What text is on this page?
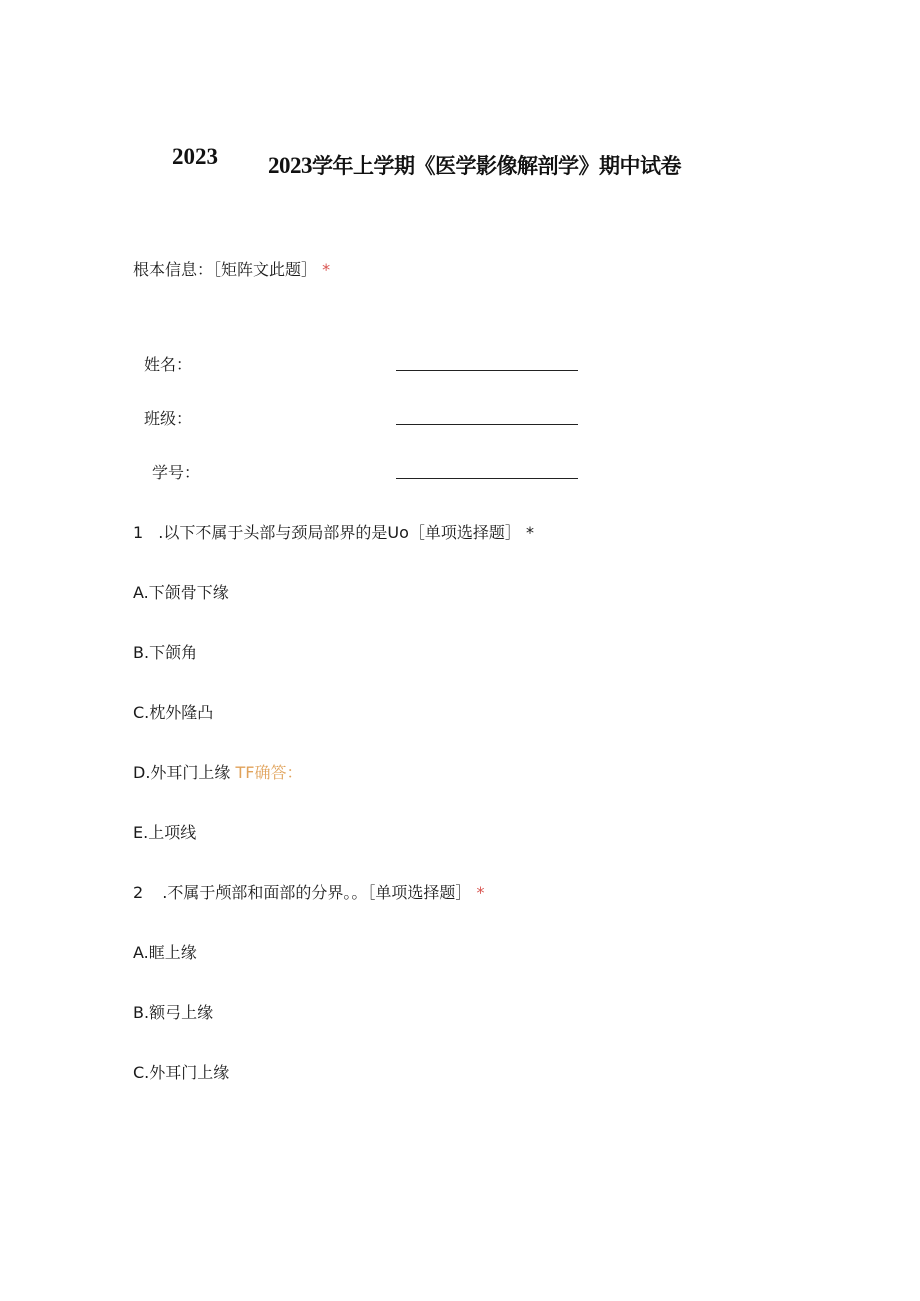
2023 2023学年上学期《医学影像解剖学》期中试卷
根本信息：［矩阵文此题］ *
姓名：
班级：
学号：
1 .以下不属于头部与颈局部界的是Uo［单项选择题］ *
A.下颌骨下缘
B.下颌角
C.枕外隆凸
D.外耳门上缘 TF确答：
E.上项线
2 .不属于颅部和面部的分界。。［单项选择题］ *
A.眶上缘
B.额弓上缘
C.外耳门上缘
